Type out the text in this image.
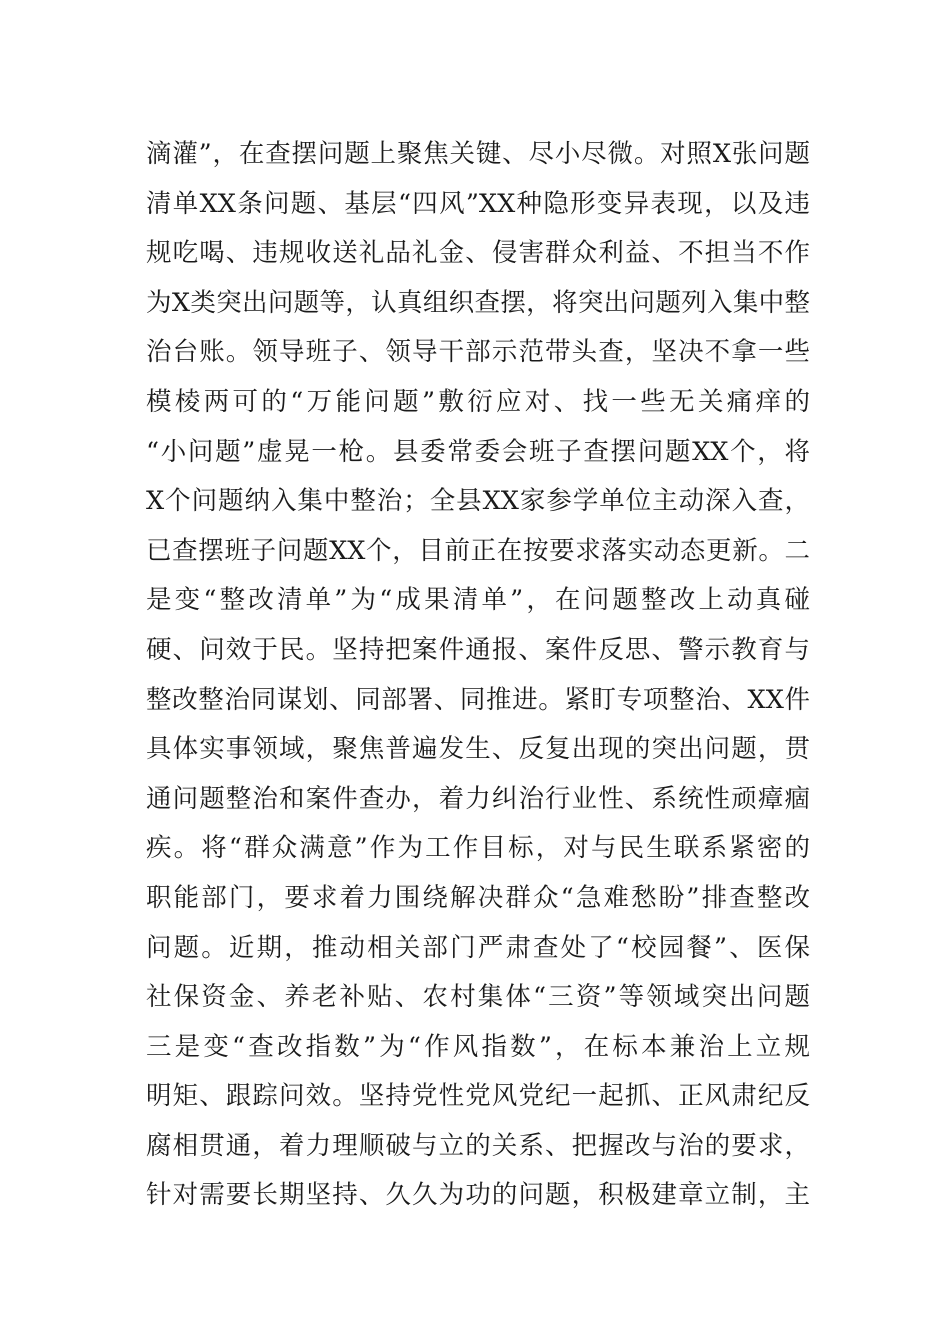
滴灌”，在查摆问题上聚焦关键、尽小尽微。对照X张问题
清单XX条问题、基层“四风”XX种隐形变异表现，以及违
规吃喝、违规收送礼品礼金、侵害群众利益、不担当不作
为X类突出问题等，认真组织查摆，将突出问题列入集中整
治台账。领导班子、领导干部示范带头查，坚决不拿一些
模棱两可的“万能问题”敷衍应对、找一些无关痛痒的
“小问题”虚晃一枪。县委常委会班子查摆问题XX个，将
X个问题纳入集中整治；全县XX家参学单位主动深入查，
已查摆班子问题XX个，目前正在按要求落实动态更新。二
是变“整改清单”为“成果清单”，在问题整改上动真碰
硬、问效于民。坚持把案件通报、案件反思、警示教育与
整改整治同谋划、同部署、同推进。紧盯专项整治、XX件
具体实事领域，聚焦普遍发生、反复出现的突出问题，贯
通问题整治和案件查办，着力纠治行业性、系统性顽瘴痼
疾。将“群众满意”作为工作目标，对与民生联系紧密的
职能部门，要求着力围绕解决群众“急难愁盼”排查整改
问题。近期，推动相关部门严肃查处了“校园餐”、医保
社保资金、养老补贴、农村集体“三资”等领域突出问题
三是变“查改指数”为“作风指数”，在标本兼治上立规
明矩、跟踪问效。坚持党性党风党纪一起抓、正风肃纪反
腐相贯通，着力理顺破与立的关系、把握改与治的要求，
针对需要长期坚持、久久为功的问题，积极建章立制，主
